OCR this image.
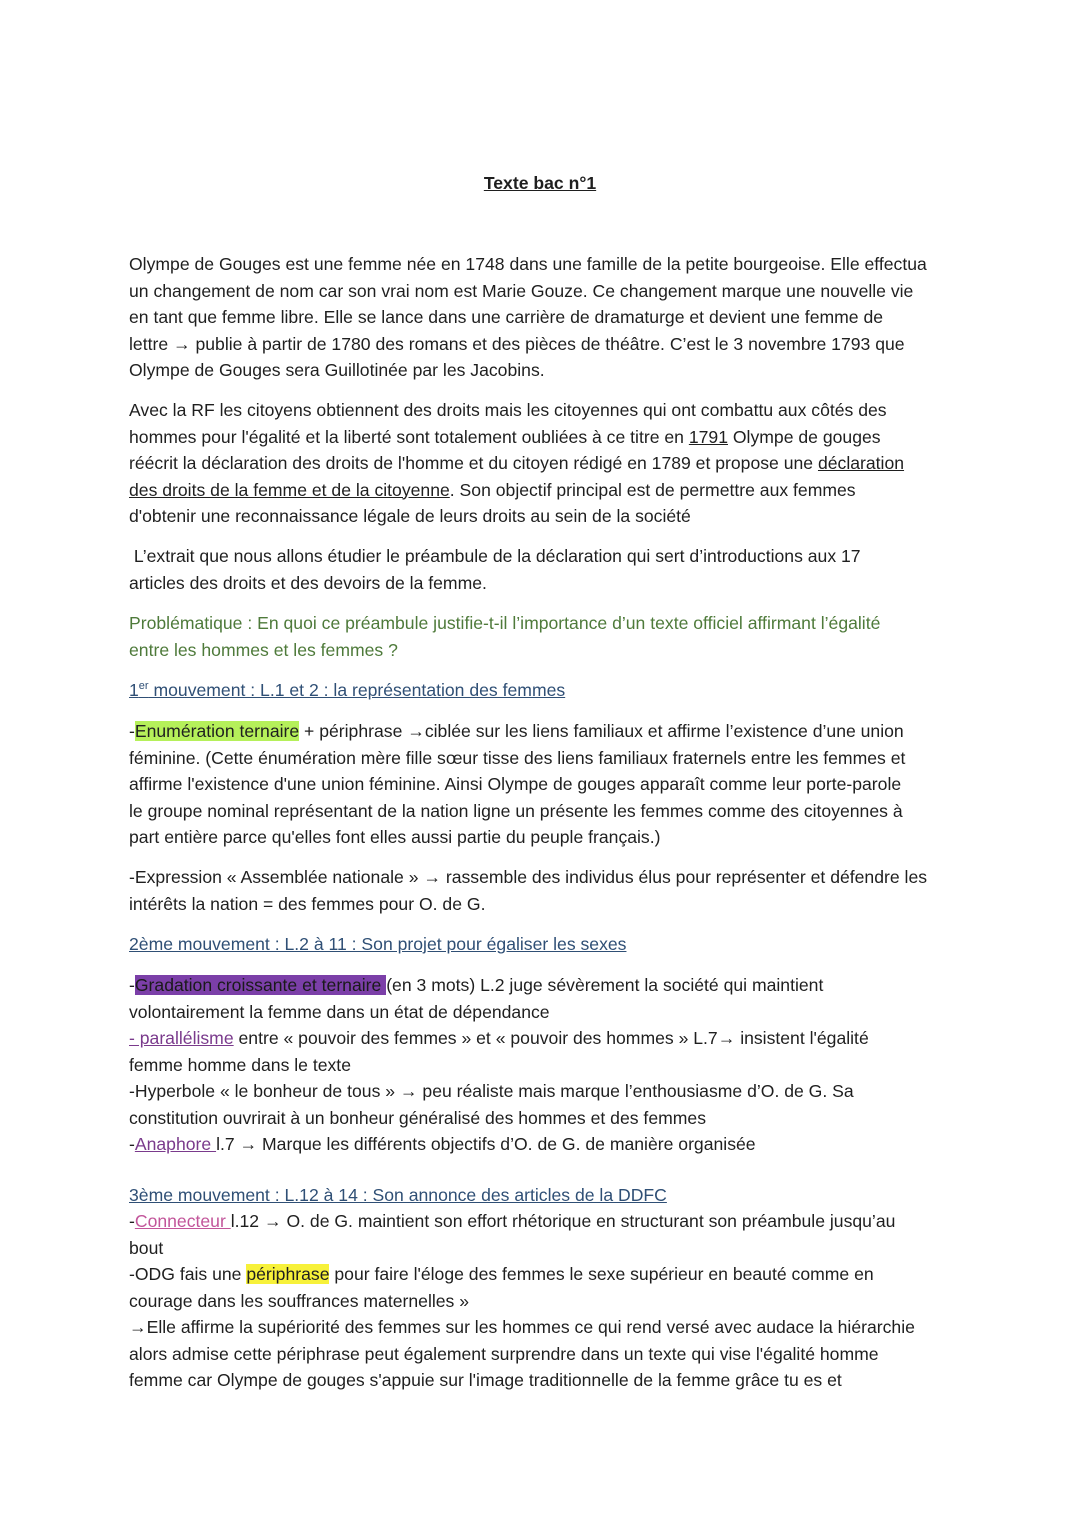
Texte bac n°1
Olympe de Gouges est une femme née en 1748 dans une famille de la petite bourgeoise. Elle effectua
un changement de nom car son vrai nom est Marie Gouze. Ce changement marque une nouvelle vie
en tant que femme libre. Elle se lance dans une carrière de dramaturge et devient une femme de
lettre → publie à partir de 1780 des romans et des pièces de théâtre. C’est le 3 novembre 1793 que
Olympe de Gouges sera Guillotinée par les Jacobins.
Avec la RF les citoyens obtiennent des droits mais les citoyennes qui ont combattu aux côtés des
hommes pour l'égalité et la liberté sont totalement oubliées à ce titre en 1791 Olympe de gouges
réécrit la déclaration des droits de l'homme et du citoyen rédigé en 1789 et propose une déclaration
des droits de la femme et de la citoyenne. Son objectif principal est de permettre aux femmes
d'obtenir une reconnaissance légale de leurs droits au sein de la société
L’extrait que nous allons étudier le préambule de la déclaration qui sert d’introductions aux 17
articles des droits et des devoirs de la femme.
Problématique : En quoi ce préambule justifie-t-il l’importance d’un texte officiel affirmant l’égalité
entre les hommes et les femmes ?
1er mouvement : L.1 et 2 : la représentation des femmes
-Enumération ternaire + périphrase →ciblée sur les liens familiaux et affirme l’existence d’une union
féminine. (Cette énumération mère fille sœur tisse des liens familiaux fraternels entre les femmes et
affirme l'existence d'une union féminine. Ainsi Olympe de gouges apparaît comme leur porte-parole
le groupe nominal représentant de la nation ligne un présente les femmes comme des citoyennes à
part entière parce qu'elles font elles aussi partie du peuple français.)
-Expression « Assemblée nationale » → rassemble des individus élus pour représenter et défendre les
intérêts la nation = des femmes pour O. de G.
2ème mouvement : L.2 à 11 : Son projet pour égaliser les sexes
-Gradation croissante et ternaire (en 3 mots) L.2 juge sévèrement la société qui maintient
volontairement la femme dans un état de dépendance
- parallélisme entre « pouvoir des femmes » et « pouvoir des hommes » L.7→ insistent l'égalité
femme homme dans le texte
-Hyperbole « le bonheur de tous » → peu réaliste mais marque l’enthousiasme d’O. de G. Sa
constitution ouvrirait à un bonheur généralisé des hommes et des femmes
-Anaphore l.7 → Marque les différents objectifs d’O. de G. de manière organisée
3ème mouvement : L.12 à 14 : Son annonce des articles de la DDFC
-Connecteur l.12 → O. de G. maintient son effort rhétorique en structurant son préambule jusqu’au
bout
-ODG fais une périphrase pour faire l'éloge des femmes le sexe supérieur en beauté comme en
courage dans les souffrances maternelles »
→Elle affirme la supériorité des femmes sur les hommes ce qui rend versé avec audace la hiérarchie
alors admise cette périphrase peut également surprendre dans un texte qui vise l'égalité homme
femme car Olympe de gouges s'appuie sur l'image traditionnelle de la femme grâce tu es et
